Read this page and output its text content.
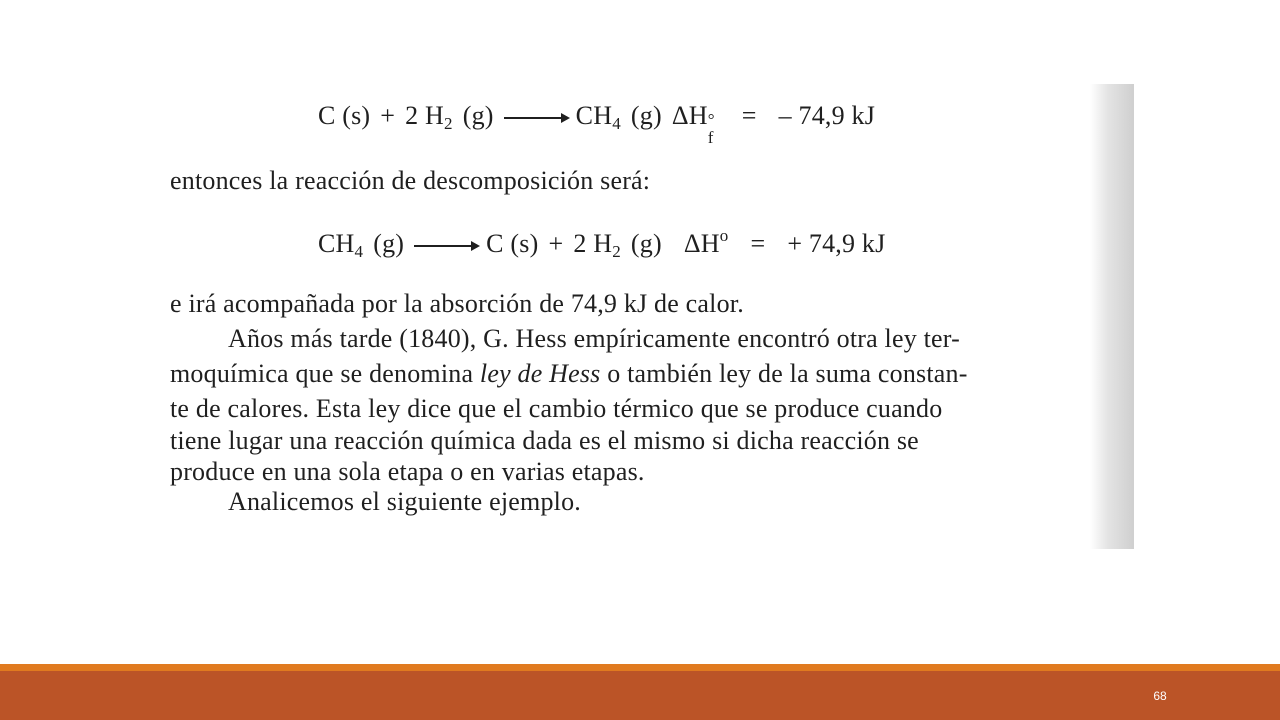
C (s) + 2 $H_2$ $(g) \to CH_4$ (g) ΔH °
f
= – 74,9 kJ
entonces la reacción de descomposición será:
$CH_4$ (g) → C (s) + 2 $H_2$ (g) $\Delta H^o$ = + 74,9 kJ
e irá acompañada por la absorción de 74,9 kJ de calor.
Años más tarde (1840), G. Hess empíricamente encontró otra ley ter-
moquímica que se denomina ley de Hess o también ley de la suma constan-
te de calores. Esta ley dice que el cambio térmico que se produce cuando
tiene lugar una reacción química dada es el mismo si dicha reacción se
produce en una sola etapa o en varias etapas.
Analicemos el siguiente ejemplo.
68
